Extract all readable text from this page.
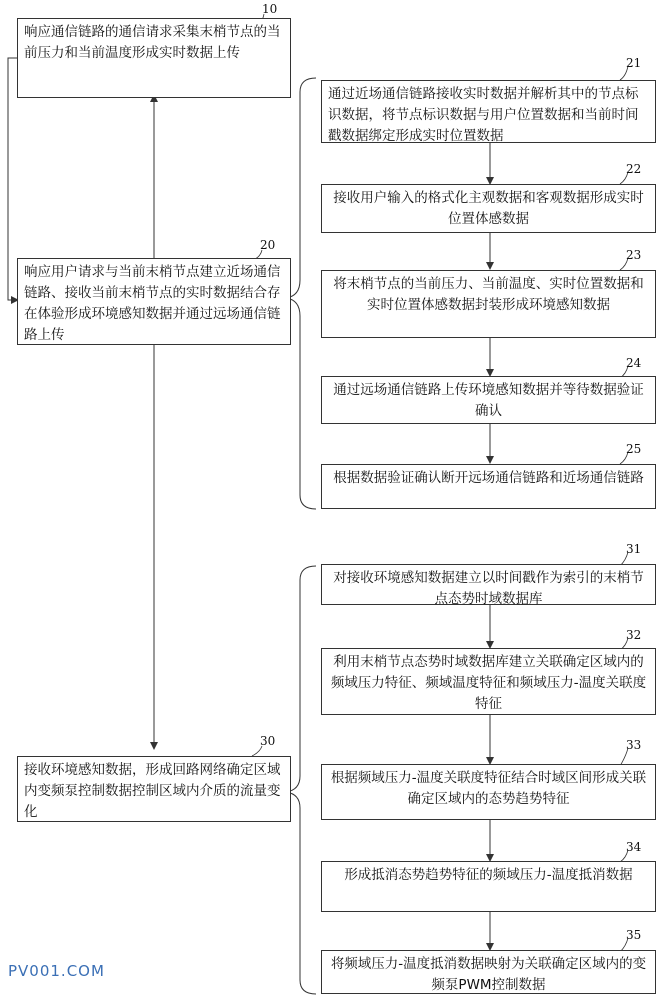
10
响应通信链路的通信请求采集末梢节点的当前压力和当前温度形成实时数据上传
20
响应用户请求与当前末梢节点建立近场通信链路、接收当前末梢节点的实时数据结合存在体验形成环境感知数据并通过远场通信链路上传
30
接收环境感知数据，形成回路网络确定区域内变频泵控制数据控制区域内介质的流量变化
21
通过近场通信链路接收实时数据并解析其中的节点标识数据，将节点标识数据与用户位置数据和当前时间戳数据绑定形成实时位置数据
22
接收用户输入的格式化主观数据和客观数据形成实时位置体感数据
23
将末梢节点的当前压力、当前温度、实时位置数据和实时位置体感数据封装形成环境感知数据
24
通过远场通信链路上传环境感知数据并等待数据验证确认
25
根据数据验证确认断开远场通信链路和近场通信链路
31
对接收环境感知数据建立以时间戳作为索引的末梢节点态势时域数据库
32
利用末梢节点态势时域数据库建立关联确定区域内的频域压力特征、频域温度特征和频域压力-温度关联度特征
33
根据频域压力-温度关联度特征结合时域区间形成关联确定区域内的态势趋势特征
34
形成抵消态势趋势特征的频域压力-温度抵消数据
35
将频域压力-温度抵消数据映射为关联确定区域内的变频泵PWM控制数据
PV001.COM
